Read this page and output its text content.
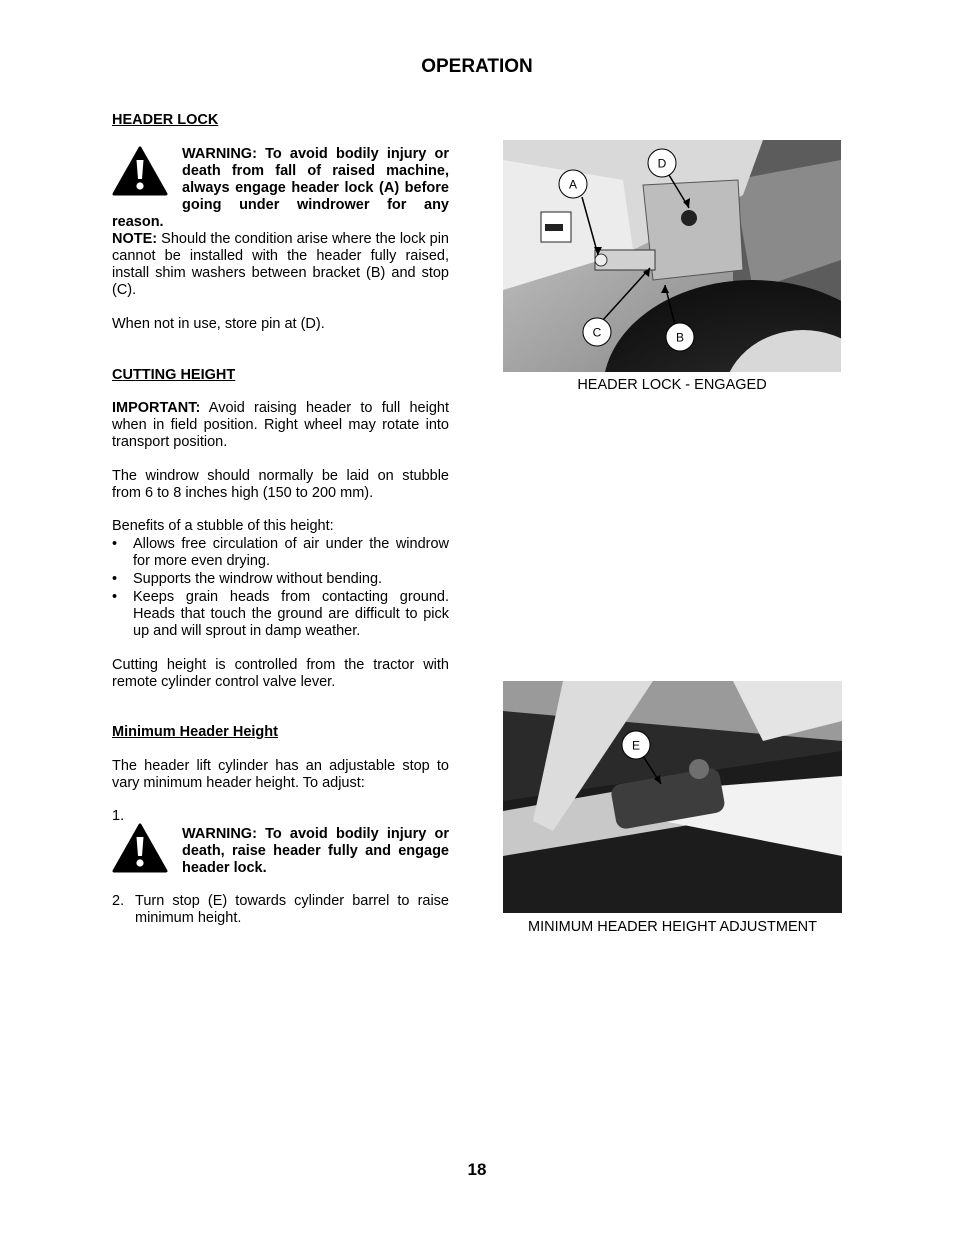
OPERATION
HEADER LOCK
WARNING: To avoid bodily injury or death from fall of raised machine, always engage header lock (A) before going under windrower for any reason.
NOTE: Should the condition arise where the lock pin cannot be installed with the header fully raised, install shim washers between bracket (B) and stop (C).
When not in use, store pin at (D).
CUTTING HEIGHT
IMPORTANT: Avoid raising header to full height when in field position. Right wheel may rotate into transport position.
The windrow should normally be laid on stubble from 6 to 8 inches high (150 to 200 mm).
Benefits of a stubble of this height:
• Allows free circulation of air under the windrow for more even drying.
• Supports the windrow without bending.
• Keeps grain heads from contacting ground. Heads that touch the ground are difficult to pick up and will sprout in damp weather.
Cutting height is controlled from the tractor with remote cylinder control valve lever.
Minimum Header Height
The header lift cylinder has an adjustable stop to vary minimum header height. To adjust:
1.
WARNING: To avoid bodily injury or death, raise header fully and engage header lock.
2. Turn stop (E) towards cylinder barrel to raise minimum height.
A
D
C	B
HEADER LOCK - ENGAGED
E
MINIMUM HEADER HEIGHT ADJUSTMENT
18
